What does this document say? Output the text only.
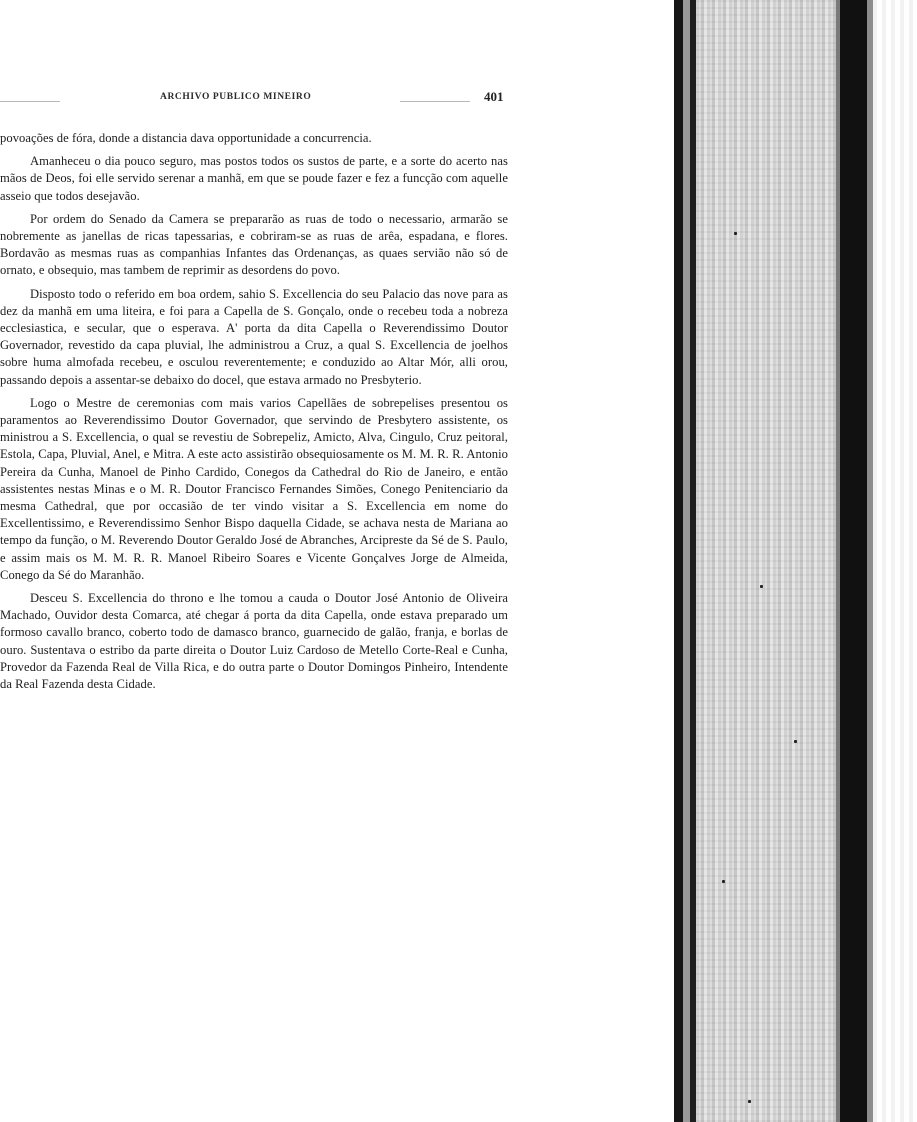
ARCHIVO PUBLICO MINEIRO	401

povoações de fóra, donde a distancia dava opportunidade a concurrencia.

Amanheceu o dia pouco seguro, mas postos todos os sustos de parte, e a sorte do acerto nas mãos de Deos, foi elle servido serenar a manhã, em que se poude fazer e fez a funcção com aquelle asseio que todos desejavão.

Por ordem do Senado da Camera se prepararão as ruas de todo o necessario, armarão se nobremente as janellas de ricas tapessarias, e cobriram-se as ruas de arêa, espadana, e flores. Bordavão as mesmas ruas as companhias Infantes das Ordenanças, as quaes servião não só de ornato, e obsequio, mas tambem de reprimir as desordens do povo.

Disposto todo o referido em boa ordem, sahio S. Excellencia do seu Palacio das nove para as dez da manhã em uma liteira, e foi para a Capella de S. Gonçalo, onde o recebeu toda a nobreza ecclesiastica, e secular, que o esperava. A' porta da dita Capella o Reverendissimo Doutor Governador, revestido da capa pluvial, lhe administrou a Cruz, a qual S. Excellencia de joelhos sobre huma almofada recebeu, e osculou reverentemente; e conduzido ao Altar Mór, alli orou, passando depois a assentar-se debaixo do docel, que estava armado no Presbyterio.

Logo o Mestre de ceremonias com mais varios Capellães de sobrepelises presentou os paramentos ao Reverendissimo Doutor Governador, que servindo de Presbytero assistente, os ministrou a S. Excellencia, o qual se revestiu de Sobrepeliz, Amicto, Alva, Cingulo, Cruz peitoral, Estola, Capa, Pluvial, Anel, e Mitra. A este acto assistirão obsequiosamente os M. M. R. R. Antonio Pereira da Cunha, Manoel de Pinho Cardido, Conegos da Cathedral do Rio de Janeiro, e então assistentes nestas Minas e o M. R. Doutor Francisco Fernandes Simões, Conego Penitenciario da mesma Cathedral, que por occasião de ter vindo visitar a S. Excellencia em nome do Excellentissimo, e Reverendissimo Senhor Bispo daquella Cidade, se achava nesta de Mariana ao tempo da função, o M. Reverendo Doutor Geraldo José de Abranches, Arcipreste da Sé de S. Paulo, e assim mais os M. M. R. R. Manoel Ribeiro Soares e Vicente Gonçalves Jorge de Almeida, Conego da Sé do Maranhão.

Desceu S. Excellencia do throno e lhe tomou a cauda o Doutor José Antonio de Oliveira Machado, Ouvidor desta Comarca, até chegar á porta da dita Capella, onde estava preparado um formoso cavallo branco, coberto todo de damasco branco, guarnecido de galão, franja, e borlas de ouro. Sustentava o estribo da parte direita o Doutor Luiz Cardoso de Metello Corte-Real e Cunha, Provedor da Fazenda Real de Villa Rica, e do outra parte o Doutor Domingos Pinheiro, Intendente da Real Fazenda desta Cidade.
